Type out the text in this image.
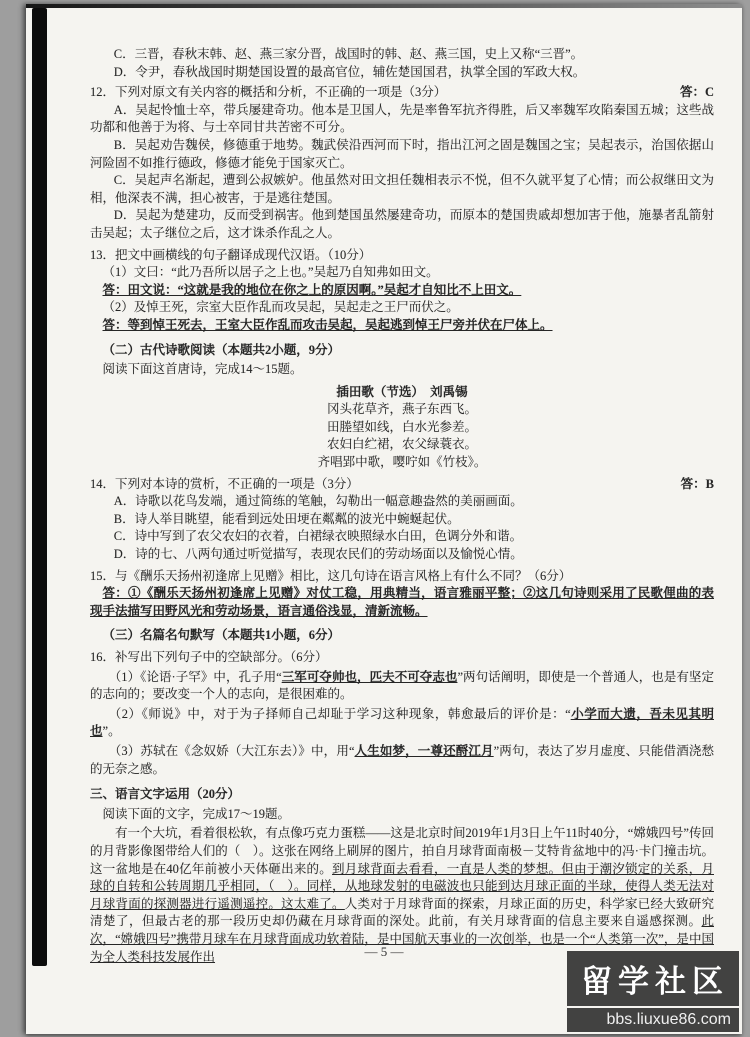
C．三晋，春秋末韩、赵、燕三家分晋，战国时的韩、赵、燕三国，史上又称“三晋”。

D．令尹，春秋战国时期楚国设置的最高官位，辅佐楚国国君，执掌全国的军政大权。

12．下列对原文有关内容的概括和分析，不正确的一项是（3分）	答：C

A．吴起怜恤士卒，带兵屡建奇功。他本是卫国人，先是率鲁军抗齐得胜，后又率魏军攻陷秦国五城；这些战功都和他善于为将、与士卒同甘共苦密不可分。

B．吴起劝告魏侯，修德重于地势。魏武侯沿西河而下时，指出江河之固是魏国之宝；吴起表示，治国依据山河险固不如推行德政，修德才能免于国家灭亡。

C．吴起声名渐起，遭到公叔嫉妒。他虽然对田文担任魏相表示不悦，但不久就平复了心情；而公叔继田文为相，他深表不满，担心被害，于是逃往楚国。

D．吴起为楚建功，反而受到祸害。他到楚国虽然屡建奇功，而原本的楚国贵戚却想加害于他，施暴者乱箭射击吴起；太子继位之后，这才诛杀作乱之人。

13．把文中画横线的句子翻译成现代汉语。（10分）

（1）文曰：“此乃吾所以居子之上也。”吴起乃自知弗如田文。

答：田文说：“这就是我的地位在你之上的原因啊。”吴起才自知比不上田文。

（2）及悼王死，宗室大臣作乱而攻吴起，吴起走之王尸而伏之。

答：等到悼王死去，王室大臣作乱而攻击吴起，吴起逃到悼王尸旁并伏在尸体上。

（二）古代诗歌阅读（本题共2小题，9分）

阅读下面这首唐诗，完成14～15题。

插田歌（节选）　 刘禹锡

冈头花草齐，燕子东西飞。

田塍望如线，白水光参差。

农妇白纻裙，农父绿蓑衣。

齐唱郢中歌，嘤咛如《竹枝》。

14．下列对本诗的赏析，不正确的一项是（3分）	答：B

A．诗歌以花鸟发端，通过简练的笔触，勾勒出一幅意趣盎然的美丽画面。

B．诗人举目眺望，能看到远处田埂在粼粼的波光中蜿蜒起伏。

C．诗中写到了农父农妇的衣着，白裙绿衣映照绿水白田，色调分外和谐。

D．诗的七、八两句通过听觉描写，表现农民们的劳动场面以及愉悦心情。

15．与《酬乐天扬州初逢席上见赠》相比，这几句诗在语言风格上有什么不同？（6分）

答：①《酬乐天扬州初逢席上见赠》对仗工稳，用典精当，语言雅丽平整；②这几句诗则采用了民歌俚曲的表现手法描写田野风光和劳动场景，语言通俗浅显，清新流畅。

（三）名篇名句默写（本题共1小题，6分）

16．补写出下列句子中的空缺部分。（6分）

（1）《论语·子罕》中，孔子用“三军可夺帅也，匹夫不可夺志也”两句话阐明，即使是一个普通人，也是有坚定的志向的；要改变一个人的志向，是很困难的。

（2）《师说》中，对于为子择师自己却耻于学习这种现象，韩愈最后的评价是：“小学而大遗，吾未见其明也”。

（3）苏轼在《念奴娇（大江东去）》中，用“人生如梦，一尊还酹江月”两句，表达了岁月虚度、只能借酒浇愁的无奈之感。

三、语言文字运用（20分）

阅读下面的文字，完成17～19题。

有一个大坑，看着很松软，有点像巧克力蛋糕——这是北京时间2019年1月3日上午11时40分，“嫦娥四号”传回的月背影像图带给人们的（　）。这张在网络上刷屏的图片，拍自月球背面南极－艾特肯盆地中的冯·卡门撞击坑。这一盆地是在40亿年前被小天体砸出来的。到月球背面去看看，一直是人类的梦想。但由于潮汐锁定的关系，月球的自转和公转周期几乎相同，（　）。同样，从地球发射的电磁波也只能到达月球正面的半球，使得人类无法对月球背面的探测器进行遥测遥控。这太难了。人类对于月球背面的探索，月球正面的历史，科学家已经大致研究清楚了，但最古老的那一段历史却仍藏在月球背面的深处。此前，有关月球背面的信息主要来自遥感探测。此次，“嫦娥四号”携带月球车在月球背面成功软着陆，是中国航天事业的一次创举，也是一个“人类第一次”，是中国为全人类科技发展作出	— 5 —
留学社区
bbs.liuxue86.com
